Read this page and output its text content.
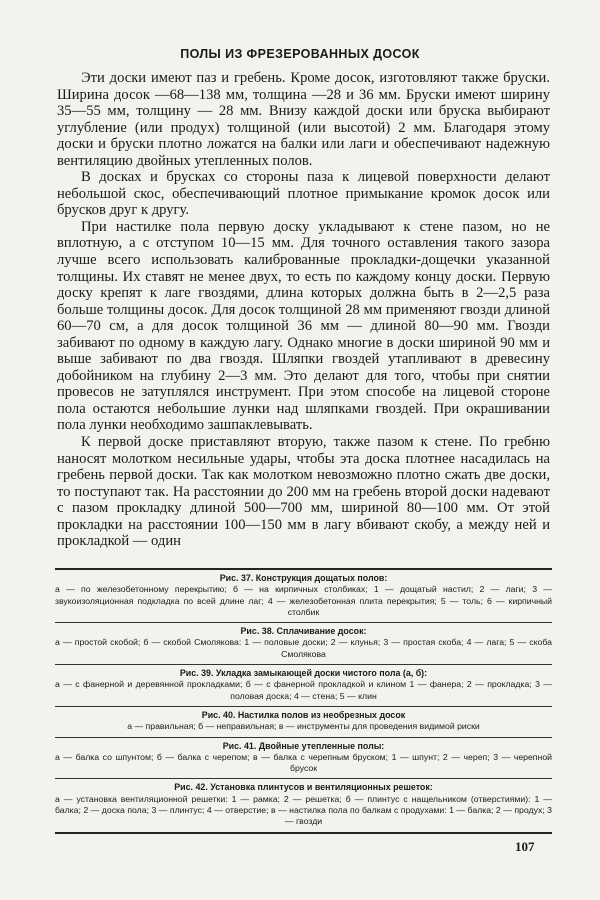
ПОЛЫ ИЗ ФРЕЗЕРОВАННЫХ ДОСОК

Эти доски имеют паз и гребень. Кроме досок, изготовляют также бруски. Ширина досок —68—138 мм, толщина —28 и 36 мм. Бруски имеют ширину 35—55 мм, толщину — 28 мм. Внизу каждой доски или бруска выбирают углубление (или продух) толщиной (или высотой) 2 мм. Благодаря этому доски и бруски плотно ложатся на балки или лаги и обеспечивают надежную вентиляцию двойных утепленных полов.

В досках и брусках со стороны паза к лицевой поверхности делают небольшой скос, обеспечивающий плотное примыкание кромок досок или брусков друг к другу.

При настилке пола первую доску укладывают к стене пазом, но не вплотную, а с отступом 10—15 мм. Для точного оставления такого зазора лучше всего использовать калиброванные прокладки-дощечки указанной толщины. Их ставят не менее двух, то есть по каждому концу доски. Первую доску крепят к лаге гвоздями, длина которых должна быть в 2—2,5 раза больше толщины досок. Для досок толщиной 28 мм применяют гвозди длиной 60—70 см, а для досок толщиной 36 мм — длиной 80—90 мм. Гвозди забивают по одному в каждую лагу. Однако многие в доски шириной 90 мм и выше забивают по два гвоздя. Шляпки гвоздей утапливают в древесину добойником на глубину 2—3 мм. Это делают для того, чтобы при снятии провесов не затуплялся инструмент. При этом способе на лицевой стороне пола остаются небольшие лунки над шляпками гвоздей. При окрашивании пола лунки необходимо зашпаклевывать.

К первой доске приставляют вторую, также пазом к стене. По гребню наносят молотком несильные удары, чтобы эта доска плотнее насадилась на гребень первой доски. Так как молотком невозможно плотно сжать две доски, то поступают так. На расстоянии до 200 мм на гребень второй доски надевают с пазом прокладку длиной 500—700 мм, шириной 80—100 мм. От этой прокладки на расстоянии 100—150 мм в лагу вбивают скобу, а между ней и прокладкой — один

Рис. 37. Конструкция дощатых полов:
а — по железобетонному перекрытию; б — на кирпичных столбиках; 1 — дощатый настил; 2 — лаги; 3 — звукоизоляционная подкладка по всей длине лаг; 4 — железобетонная плита перекрытия; 5 — толь; 6 — кирпичный столбик
Рис. 38. Сплачивание досок:
а — простой скобой; б — скобой Смолякова: 1 — половые доски; 2 — клунья; 3 — простая скоба; 4 — лага; 5 — скоба Смолякова
Рис. 39. Укладка замыкающей доски чистого пола (а, б):
а — с фанерной и деревянной прокладками; б — с фанерной прокладкой и клином 1 — фанера; 2 — прокладка; 3 — половая доска; 4 — стена; 5 — клин
Рис. 40. Настилка полов из необрезных досок
а — правильная; б — неправильная; в — инструменты для проведения видимой риски
Рис. 41. Двойные утепленные полы:
а — балка со шпунтом; б — балка с черепом; в — балка с черепным бруском; 1 — шпунт; 2 — череп; 3 — черепной брусок
Рис. 42. Установка плинтусов и вентиляционных решеток:
а — установка вентиляционной решетки: 1 — рамка; 2 — решетка; б — плинтус с нащельником (отверстиями): 1 — балка; 2 — доска пола; 3 — плинтус; 4 — отверстие; в — настилка пола по балкам с продухами: 1 — балка; 2 — продух; 3 — гвозди
107
